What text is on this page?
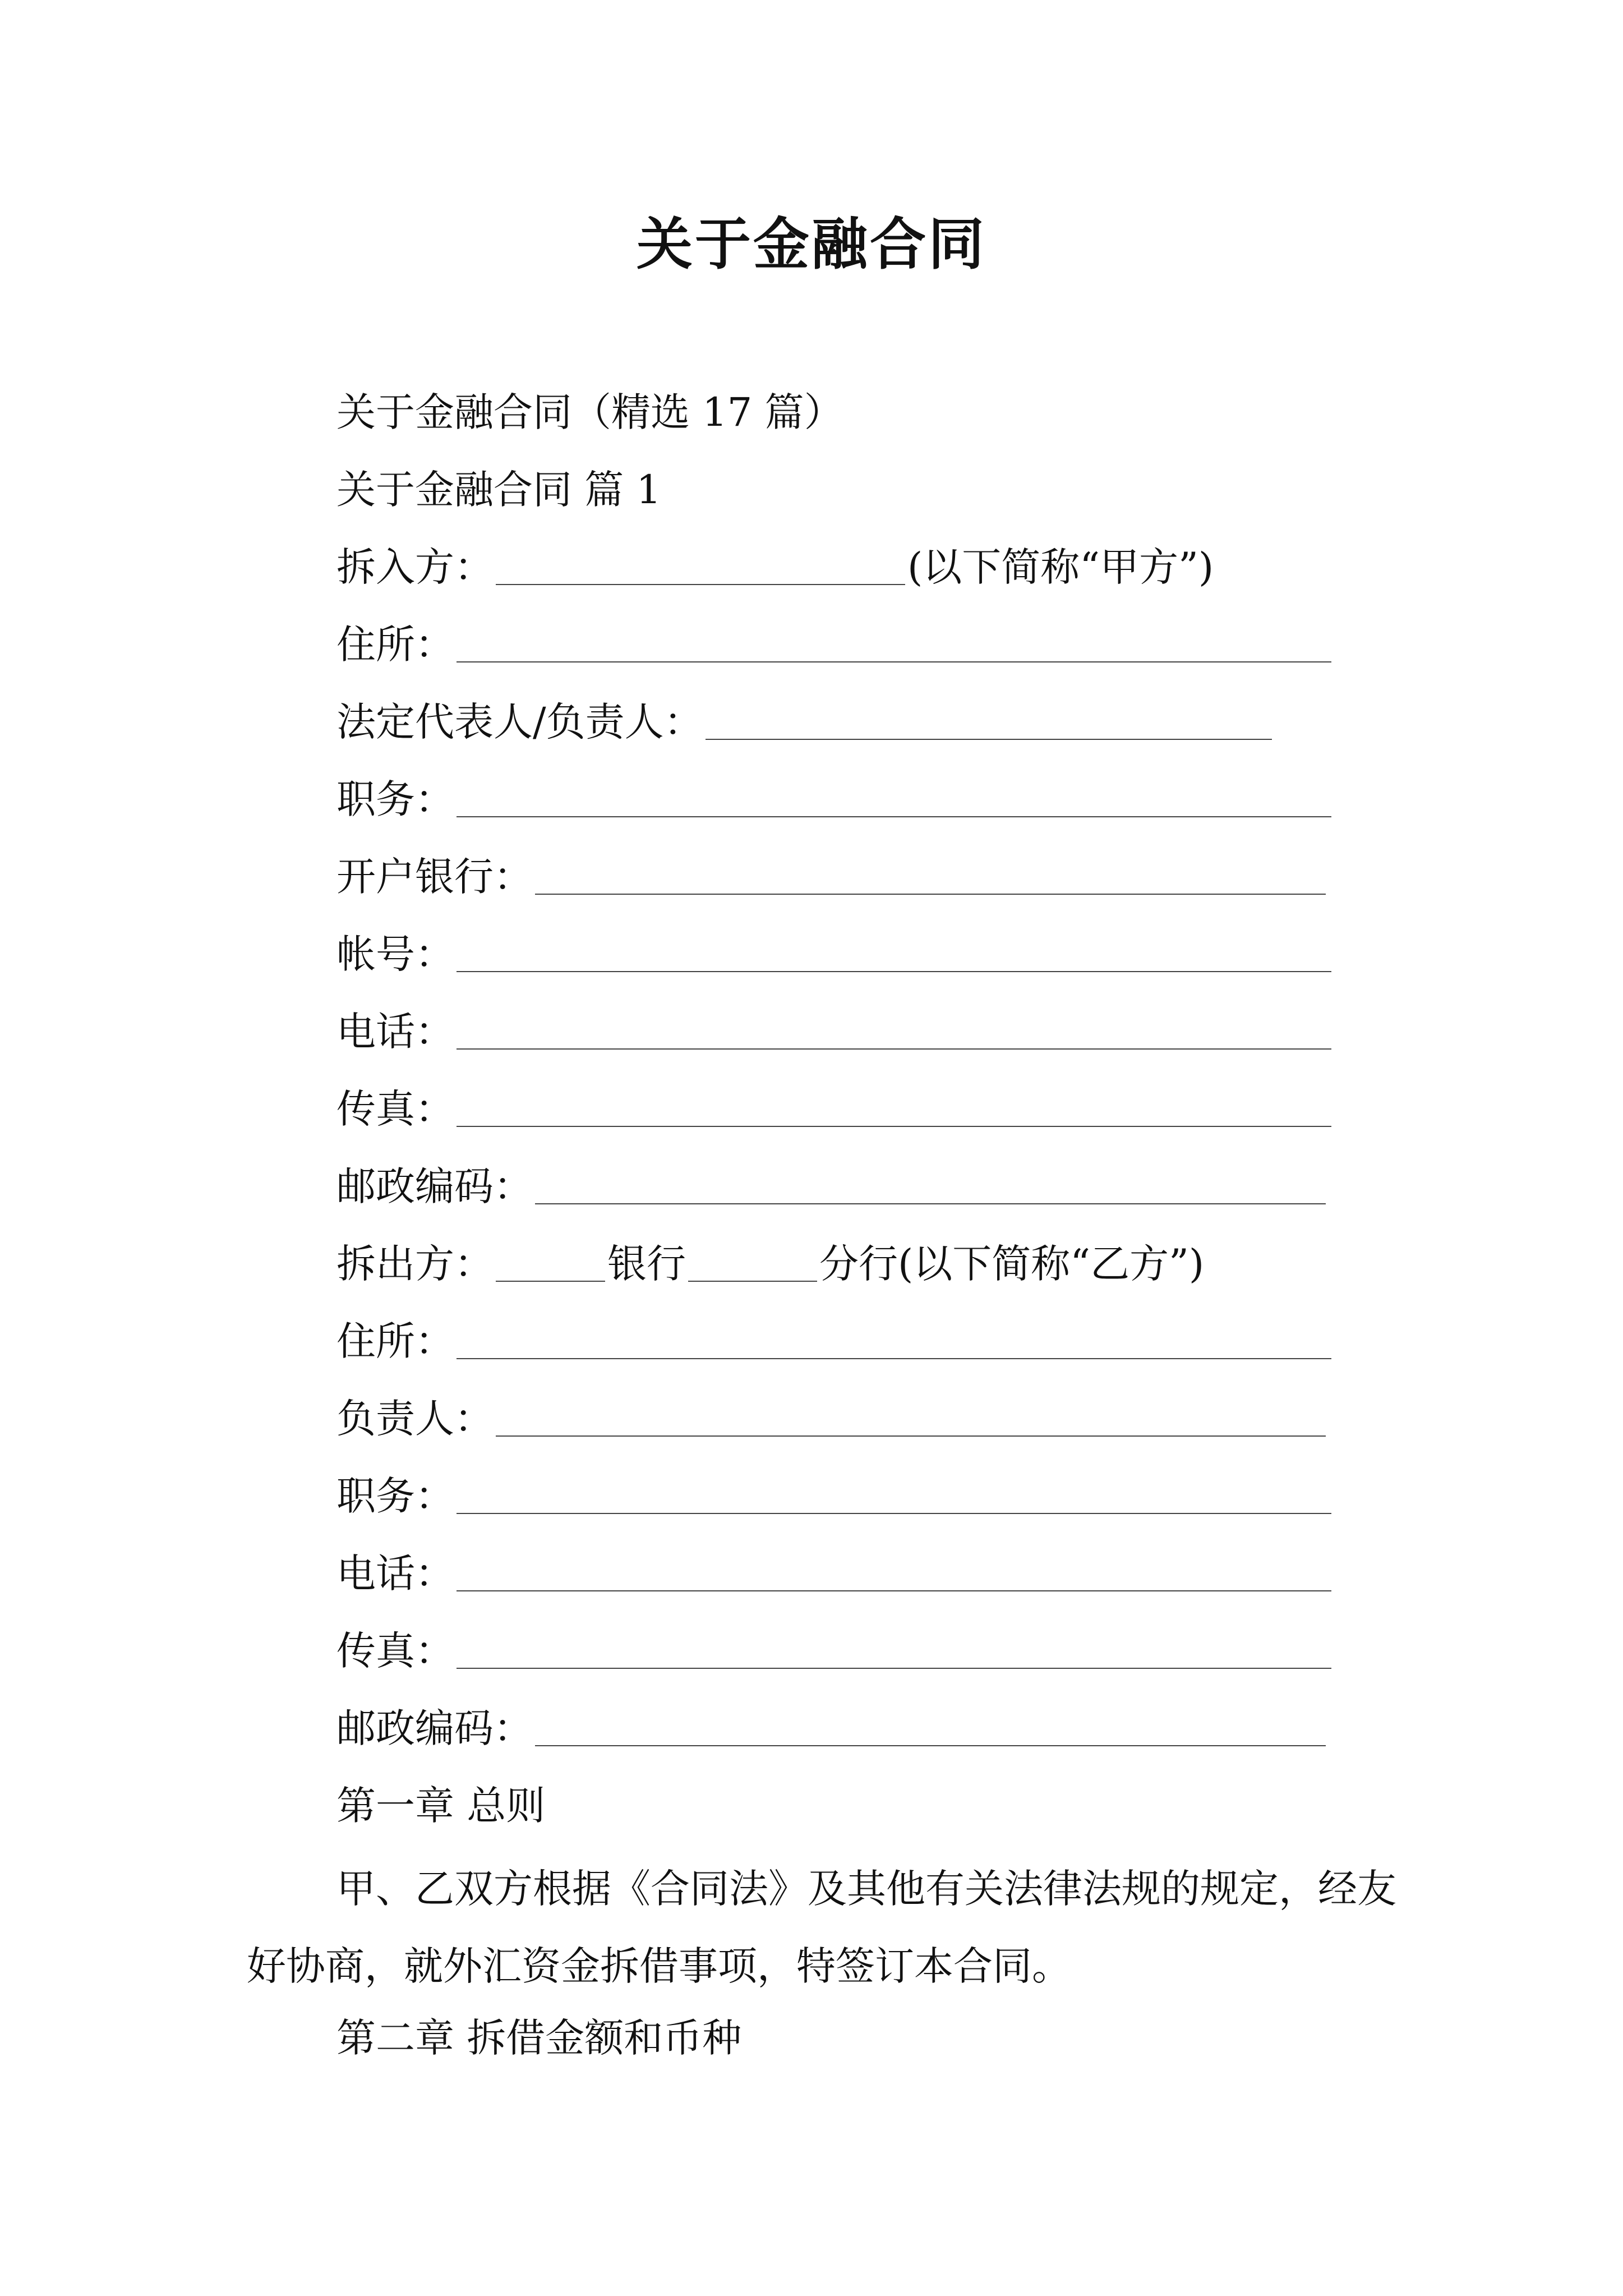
关于金融合同
关于金融合同（精选 17 篇）
关于金融合同 篇 1
拆入方：	(以下简称“甲方”)
住所：
法定代表人/负责人：
职务：
开户银行：
帐号：
电话：
传真：
邮政编码：
拆出方：	银行	分行(以下简称“乙方”)
住所：
负责人：
职务：
电话：
传真：
邮政编码：
第一章 总则
甲、乙双方根据《合同法》及其他有关法律法规的规定，经友好协商，就外汇资金拆借事项，特签订本合同。
第二章 拆借金额和币种
